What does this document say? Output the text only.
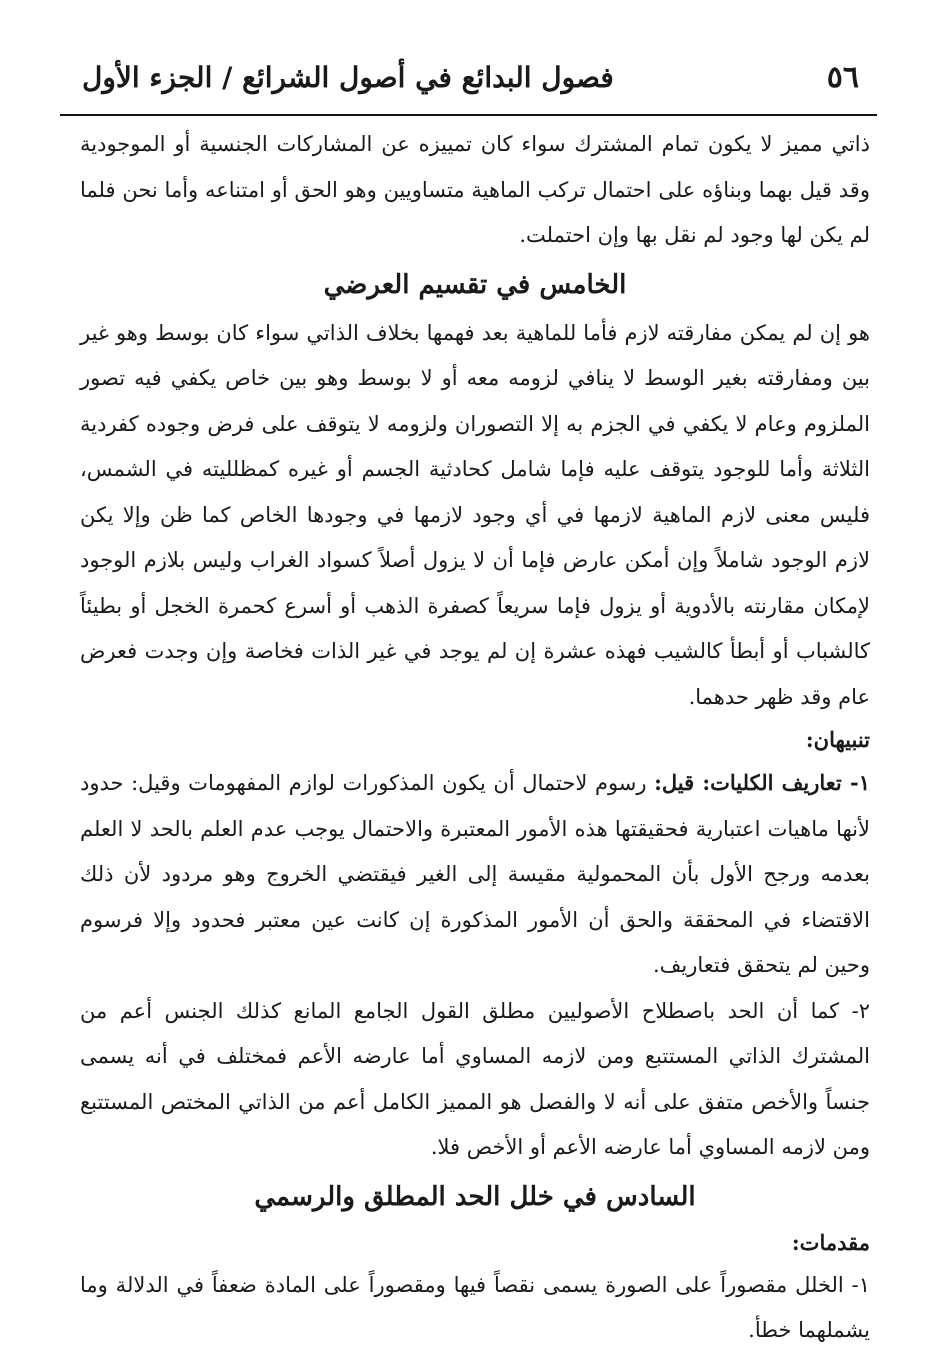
٥٦
فصول البدائع في أصول الشرائع / الجزء الأول

ذاتي مميز لا يكون تمام المشترك سواء كان تمييزه عن المشاركات الجنسية أو الموجودية وقد قيل بهما وبناؤه على احتمال تركب الماهية متساويين وهو الحق أو امتناعه وأما نحن فلما لم يكن لها وجود لم نقل بها وإن احتملت.

الخامس في تقسيم العرضي

هو إن لم يمكن مفارقته لازم فأما للماهية بعد فهمها بخلاف الذاتي سواء كان بوسط وهو غير بين ومفارقته بغير الوسط لا ينافي لزومه معه أو لا بوسط وهو بين خاص يكفي فيه تصور الملزوم وعام لا يكفي في الجزم به إلا التصوران ولزومه لا يتوقف على فرض وجوده كفردية الثلاثة وأما للوجود يتوقف عليه فإما شامل كحادثية الجسم أو غيره كمظلليته في الشمس، فليس معنى لازم الماهية لازمها في أي وجود لازمها في وجودها الخاص كما ظن وإلا يكن لازم الوجود شاملاً وإن أمكن عارض فإما أن لا يزول أصلاً كسواد الغراب وليس بلازم الوجود لإمكان مقارنته بالأدوية أو يزول فإما سريعاً كصفرة الذهب أو أسرع كحمرة الخجل أو بطيئاً كالشباب أو أبطأ كالشيب فهذه عشرة إن لم يوجد في غير الذات فخاصة وإن وجدت فعرض عام وقد ظهر حدهما.

تنبيهان:

١- تعاريف الكليات: قيل: رسوم لاحتمال أن يكون المذكورات لوازم المفهومات وقيل: حدود لأنها ماهيات اعتبارية فحقيقتها هذه الأمور المعتبرة والاحتمال يوجب عدم العلم بالحد لا العلم بعدمه ورجح الأول بأن المحمولية مقيسة إلى الغير فيقتضي الخروج وهو مردود لأن ذلك الاقتضاء في المحققة والحق أن الأمور المذكورة إن كانت عين معتبر فحدود وإلا فرسوم وحين لم يتحقق فتعاريف.

٢- كما أن الحد باصطلاح الأصوليين مطلق القول الجامع المانع كذلك الجنس أعم من المشترك الذاتي المستتبع ومن لازمه المساوي أما عارضه الأعم فمختلف في أنه يسمى جنساً والأخص متفق على أنه لا والفصل هو المميز الكامل أعم من الذاتي المختص المستتبع ومن لازمه المساوي أما عارضه الأعم أو الأخص فلا.

السادس في خلل الحد المطلق والرسمي

مقدمات:

١- الخلل مقصوراً على الصورة يسمى نقصاً فيها ومقصوراً على المادة ضعفاً في الدلالة وما يشملهما خطأ.
